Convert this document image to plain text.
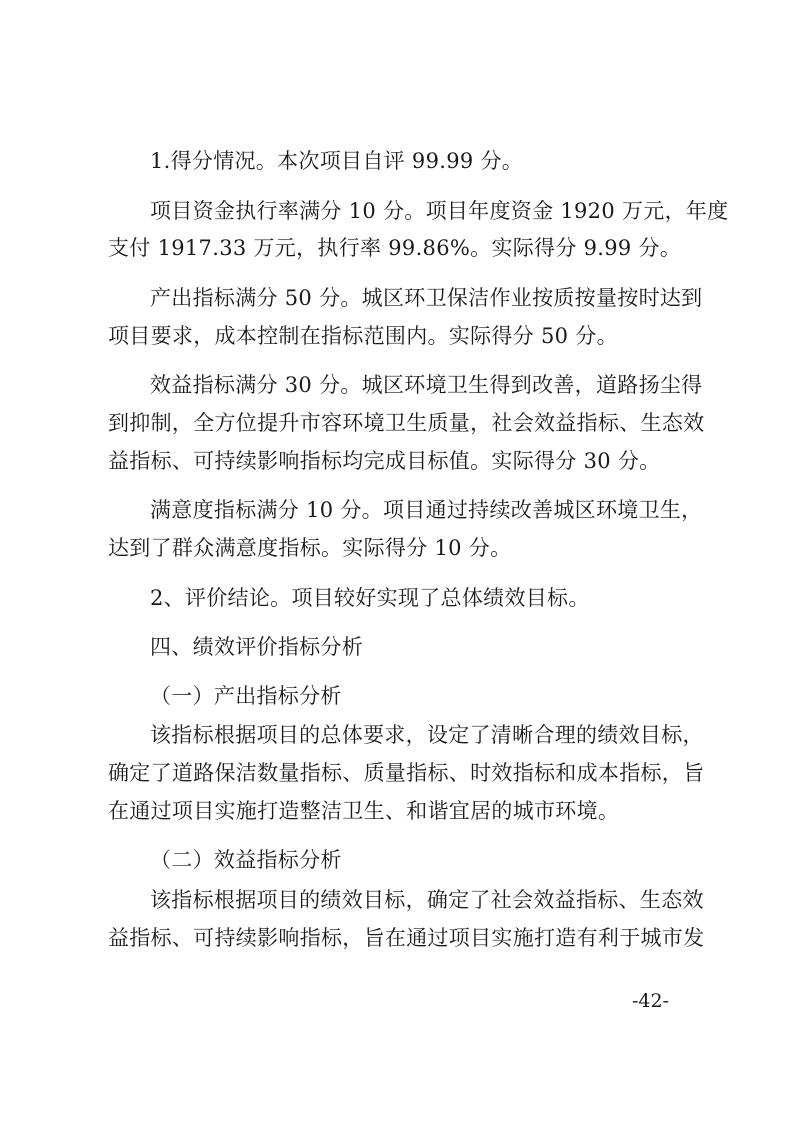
1.得分情况。本次项目自评 99.99 分。

项目资金执行率满分 10 分。项目年度资金 1920 万元，年度

支付 1917.33 万元，执行率 99.86%。实际得分 9.99 分。

产出指标满分 50 分。城区环卫保洁作业按质按量按时达到

项目要求，成本控制在指标范围内。实际得分 50 分。

效益指标满分 30 分。城区环境卫生得到改善，道路扬尘得

到抑制，全方位提升市容环境卫生质量，社会效益指标、生态效

益指标、可持续影响指标均完成目标值。实际得分 30 分。

满意度指标满分 10 分。项目通过持续改善城区环境卫生，

达到了群众满意度指标。实际得分 10 分。

2、评价结论。项目较好实现了总体绩效目标。

四、绩效评价指标分析

（一）产出指标分析

该指标根据项目的总体要求，设定了清晰合理的绩效目标，

确定了道路保洁数量指标、质量指标、时效指标和成本指标，旨

在通过项目实施打造整洁卫生、和谐宜居的城市环境。

（二）效益指标分析

该指标根据项目的绩效目标，确定了社会效益指标、生态效

益指标、可持续影响指标，旨在通过项目实施打造有利于城市发

-42-
